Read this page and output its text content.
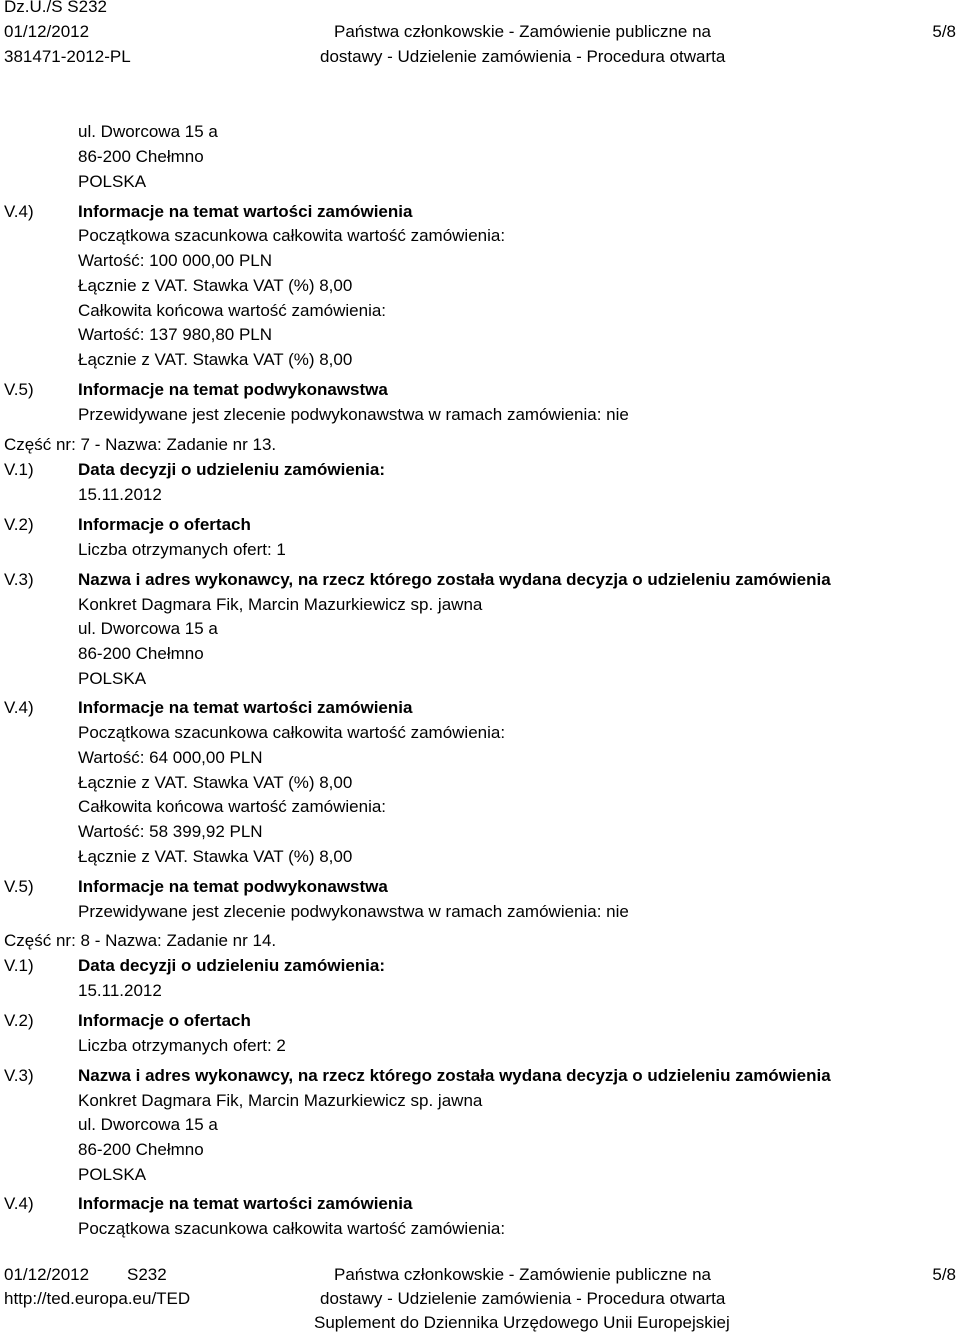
Dz.U./S S232
01/12/2012
381471-2012-PL
Państwa członkowskie - Zamówienie publiczne na
dostawy - Udzielenie zamówienia - Procedura otwarta
5/8
ul. Dworcowa 15 a
86-200 Chełmno
POLSKA
V.4)	Informacje na temat wartości zamówienia
Początkowa szacunkowa całkowita wartość zamówienia:
Wartość: 100 000,00 PLN
Łącznie z VAT. Stawka VAT (%) 8,00
Całkowita końcowa wartość zamówienia:
Wartość: 137 980,80 PLN
Łącznie z VAT. Stawka VAT (%) 8,00
V.5)	Informacje na temat podwykonawstwa
Przewidywane jest zlecenie podwykonawstwa w ramach zamówienia: nie
Część nr: 7 - Nazwa: Zadanie nr 13.
V.1)	Data decyzji o udzieleniu zamówienia:
15.11.2012
V.2)	Informacje o ofertach
Liczba otrzymanych ofert: 1
V.3)	Nazwa i adres wykonawcy, na rzecz którego została wydana decyzja o udzieleniu zamówienia
Konkret Dagmara Fik, Marcin Mazurkiewicz sp. jawna
ul. Dworcowa 15 a
86-200 Chełmno
POLSKA
V.4)	Informacje na temat wartości zamówienia
Początkowa szacunkowa całkowita wartość zamówienia:
Wartość: 64 000,00 PLN
Łącznie z VAT. Stawka VAT (%) 8,00
Całkowita końcowa wartość zamówienia:
Wartość: 58 399,92 PLN
Łącznie z VAT. Stawka VAT (%) 8,00
V.5)	Informacje na temat podwykonawstwa
Przewidywane jest zlecenie podwykonawstwa w ramach zamówienia: nie
Część nr: 8 - Nazwa: Zadanie nr 14.
V.1)	Data decyzji o udzieleniu zamówienia:
15.11.2012
V.2)	Informacje o ofertach
Liczba otrzymanych ofert: 2
V.3)	Nazwa i adres wykonawcy, na rzecz którego została wydana decyzja o udzieleniu zamówienia
Konkret Dagmara Fik, Marcin Mazurkiewicz sp. jawna
ul. Dworcowa 15 a
86-200 Chełmno
POLSKA
V.4)	Informacje na temat wartości zamówienia
Początkowa szacunkowa całkowita wartość zamówienia:
01/12/2012 S232
http://ted.europa.eu/TED
Państwa członkowskie - Zamówienie publiczne na
dostawy - Udzielenie zamówienia - Procedura otwarta
Suplement do Dziennika Urzędowego Unii Europejskiej
5/8
